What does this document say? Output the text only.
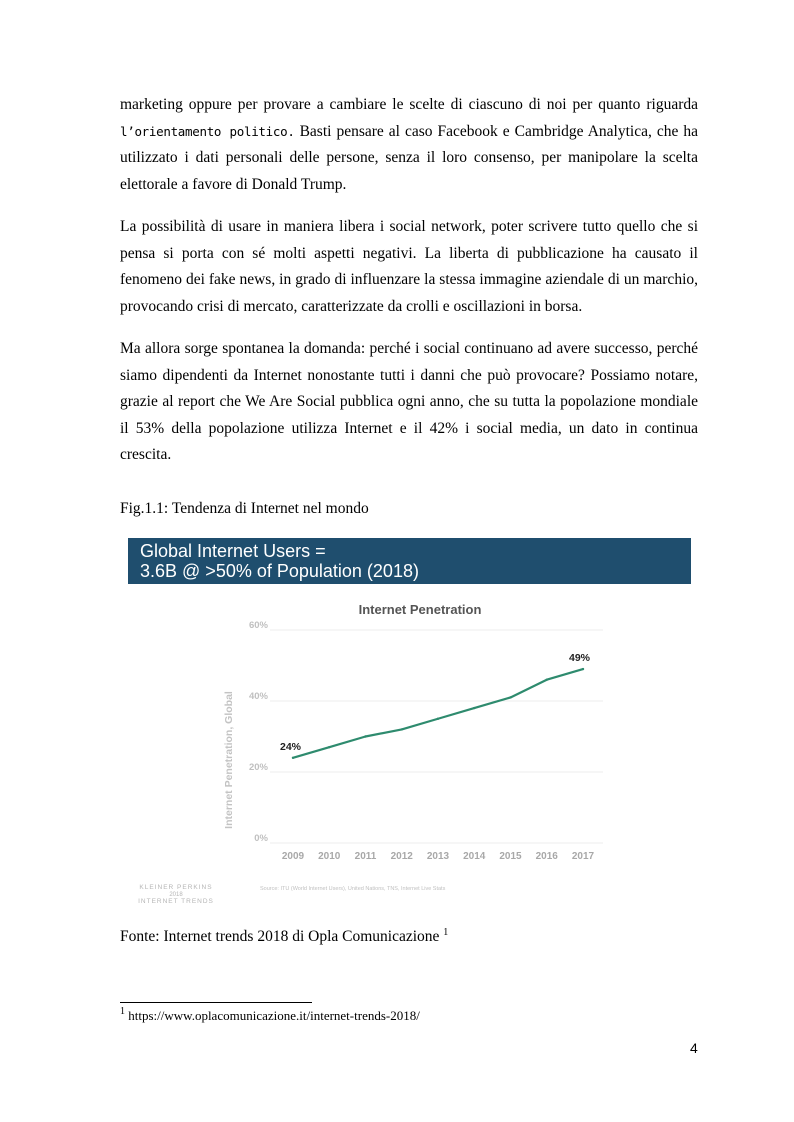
marketing oppure per provare a cambiare le scelte di ciascuno di noi per quanto riguarda l’orientamento politico. Basti pensare al caso Facebook e Cambridge Analytica, che ha utilizzato i dati personali delle persone, senza il loro consenso, per manipolare la scelta elettorale a favore di Donald Trump.

La possibilità di usare in maniera libera i social network, poter scrivere tutto quello che si pensa si porta con sé molti aspetti negativi. La liberta di pubblicazione ha causato il fenomeno dei fake news, in grado di influenzare la stessa immagine aziendale di un marchio, provocando crisi di mercato, caratterizzate da crolli e oscillazioni in borsa.

Ma allora sorge spontanea la domanda: perché i social continuano ad avere successo, perché siamo dipendenti da Internet nonostante tutti i danni che può provocare? Possiamo notare, grazie al report che We Are Social pubblica ogni anno, che su tutta la popolazione mondiale il 53% della popolazione utilizza Internet e il 42% i social media, un dato in continua crescita.

Fig.1.1: Tendenza di Internet nel mondo

Global Internet Users =
3.6B @ >50% of Population (2018)
0%
20%
40%
60%
2009 2010 2011 2012 2013 2014 2015 2016 2017
24%
49%
Internet Penetration
Internet Penetration, Global
KLEINER PERKINS
2018
INTERNET TRENDS
Source: ITU (World Internet Users), United Nations, TNS, Internet Live Stats

Fonte: Internet trends 2018 di Opla Comunicazione $^1$

$^1$ https://www.oplacomunicazione.it/internet-trends-2018/

4
